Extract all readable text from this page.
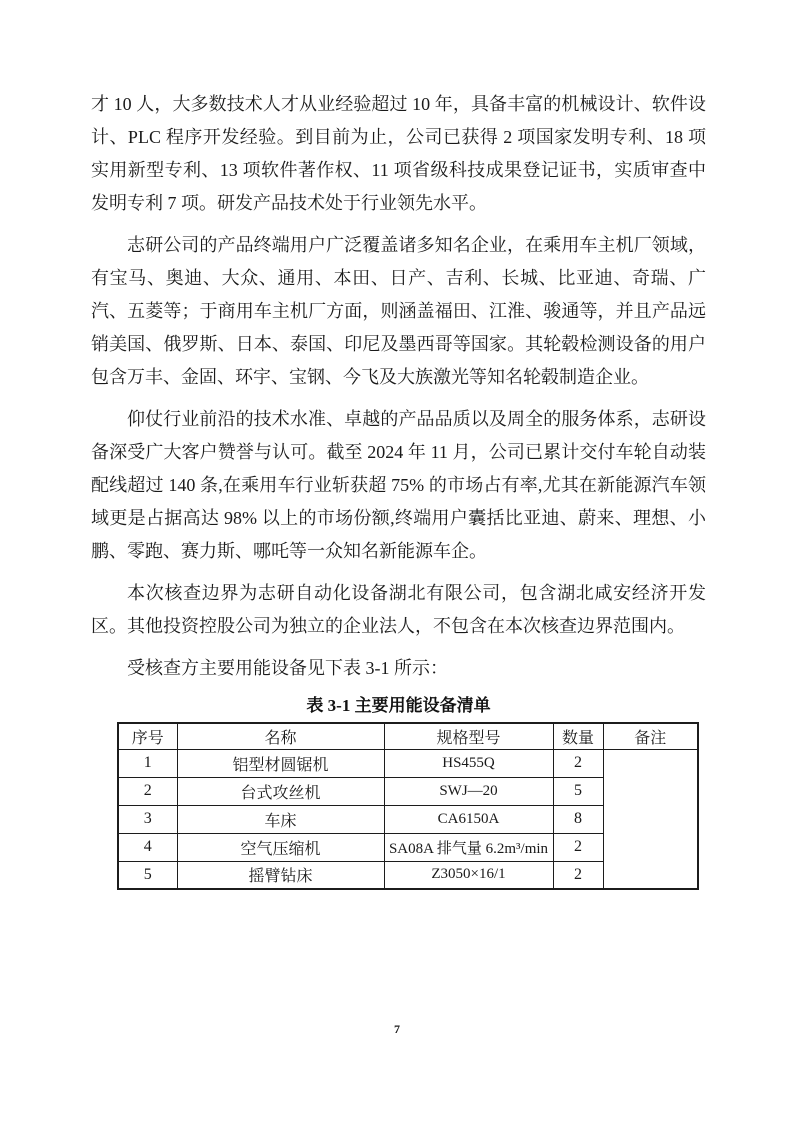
才 10 人，大多数技术人才从业经验超过 10 年，具备丰富的机械设计、软件设计、PLC 程序开发经验。到目前为止，公司已获得 2 项国家发明专利、18 项实用新型专利、13 项软件著作权、11 项省级科技成果登记证书，实质审查中发明专利 7 项。研发产品技术处于行业领先水平。

志研公司的产品终端用户广泛覆盖诸多知名企业，在乘用车主机厂领域，有宝马、奥迪、大众、通用、本田、日产、吉利、长城、比亚迪、奇瑞、广汽、五菱等；于商用车主机厂方面，则涵盖福田、江淮、骏通等，并且产品远销美国、俄罗斯、日本、泰国、印尼及墨西哥等国家。其轮毂检测设备的用户包含万丰、金固、环宇、宝钢、今飞及大族激光等知名轮毂制造企业。

仰仗行业前沿的技术水准、卓越的产品品质以及周全的服务体系，志研设备深受广大客户赞誉与认可。截至 2024 年 11 月，公司已累计交付车轮自动装配线超过 140 条,在乘用车行业斩获超 75% 的市场占有率,尤其在新能源汽车领域更是占据高达 98% 以上的市场份额,终端用户囊括比亚迪、蔚来、理想、小鹏、零跑、赛力斯、哪吒等一众知名新能源车企。

本次核查边界为志研自动化设备湖北有限公司，包含湖北咸安经济开发区。其他投资控股公司为独立的企业法人，不包含在本次核查边界范围内。

受核查方主要用能设备见下表 3-1 所示：

表 3-1 主要用能设备清单
序号	名称	规格型号	数量	备注
1	铝型材圆锯机	HS455Q	2	
2	台式攻丝机	SWJ—20	5	
3	车床	CA6150A	8	
4	空气压缩机	SA08A 排气量 6.2m³/min	2	
5	摇臂钻床	Z3050×16/1	2	
7
